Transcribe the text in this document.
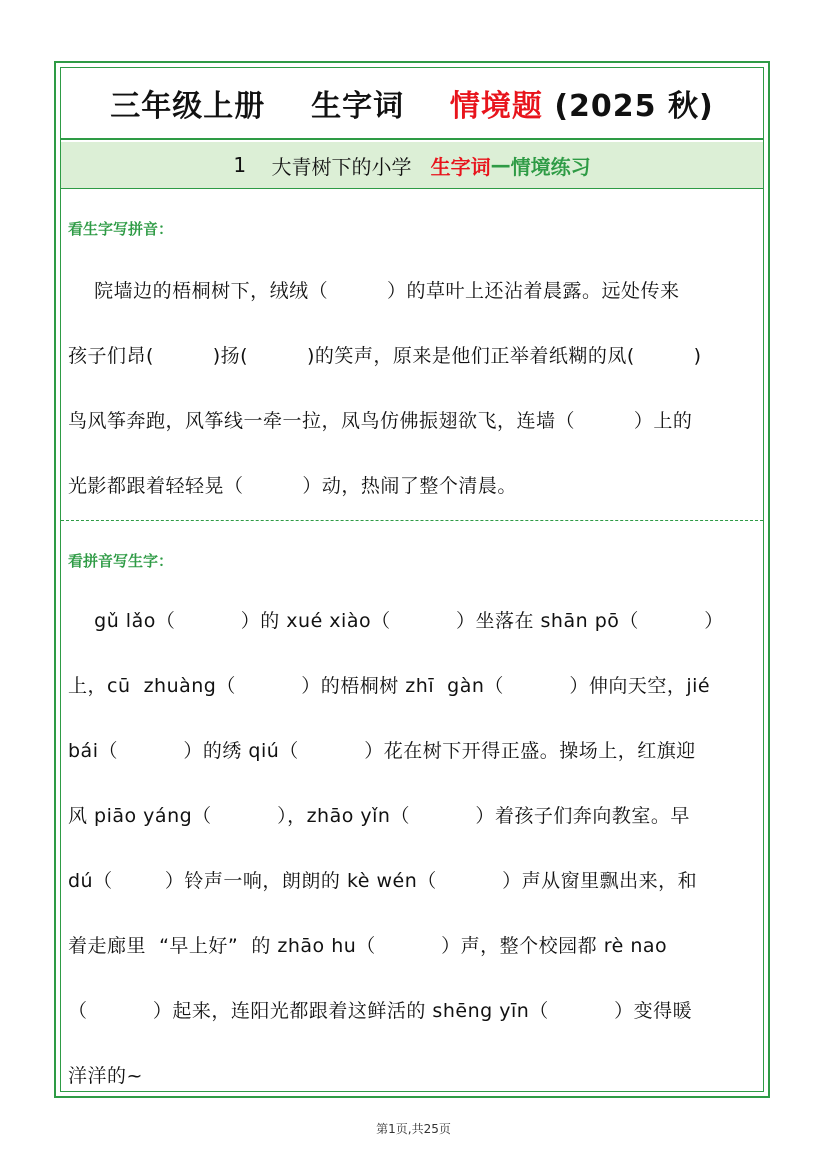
三年级上册
生字词
情境题
(2025 秋)
1
大青树下的小学
生字词 — 情境练习
看生字写拼音：
院墙边的梧桐树下，绒绒（         ）的草叶上还沾着晨露。远处传来
孩子们昂(         )扬(         )的笑声，原来是他们正举着纸糊的凤(         )
鸟风筝奔跑，风筝线一牵一拉，凤鸟仿佛振翅欲飞，连墙（         ）上的
光影都跟着轻轻晃（         ）动，热闹了整个清晨。
看拼音写生字：
gǔ lǎo（          ）的 xué xiào（          ）坐落在 shān pō（          ）
上，cū  zhuàng（          ）的梧桐树 zhī  gàn（          ）伸向天空，jié
bái（          ）的绣 qiú（          ）花在树下开得正盛。操场上，红旗迎
风 piāo yáng（          ），zhāo yǐn（          ）着孩子们奔向教室。早
dú（        ）铃声一响，朗朗的 kè wén（          ）声从窗里飘出来，和
着走廊里  “早上好”  的 zhāo hu（          ）声，整个校园都 rè nao
（          ）起来，连阳光都跟着这鲜活的 shēng yīn（          ）变得暖
洋洋的~
第1页,共25页
